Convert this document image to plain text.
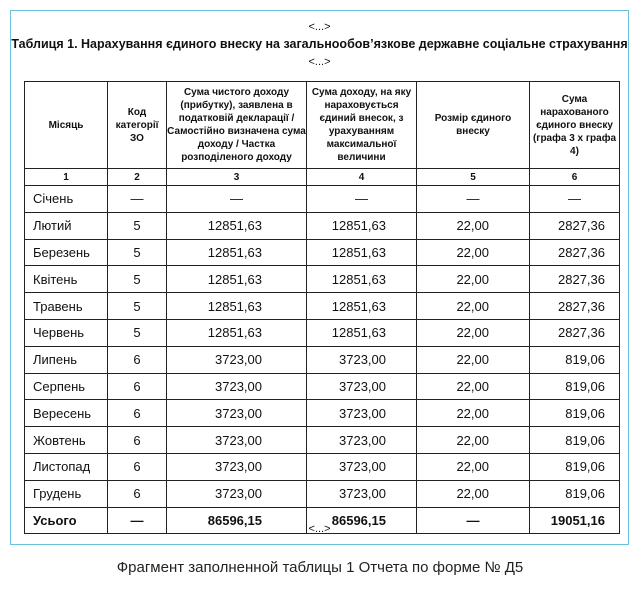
<...>
Таблиця 1. Нарахування єдиного внеску на загальнообов’язкове державне соціальне страхування
<...>
Місяць	Код категорії ЗО	Сума чистого доходу (прибутку), заявлена в податковій декларації / Самостійно визначена сума доходу / Частка розподіленого доходу	Сума доходу, на яку нараховується єдиний внесок, з урахуванням максимальної величини	Розмір єдиного внеску	Сума нарахованого єдиного внеску (графа 3 х графа 4)
1	2	3	4	5	6
Січень	—	—	—	—	—
Лютий	5	12851,63	12851,63	22,00	2827,36
Березень	5	12851,63	12851,63	22,00	2827,36
Квітень	5	12851,63	12851,63	22,00	2827,36
Травень	5	12851,63	12851,63	22,00	2827,36
Червень	5	12851,63	12851,63	22,00	2827,36
Липень	6	3723,00	3723,00	22,00	819,06
Серпень	6	3723,00	3723,00	22,00	819,06
Вересень	6	3723,00	3723,00	22,00	819,06
Жовтень	6	3723,00	3723,00	22,00	819,06
Листопад	6	3723,00	3723,00	22,00	819,06
Грудень	6	3723,00	3723,00	22,00	819,06
Усього	—	86596,15	86596,15	—	19051,16
<...>
Фрагмент заполненной таблицы 1 Отчета по форме № Д5
